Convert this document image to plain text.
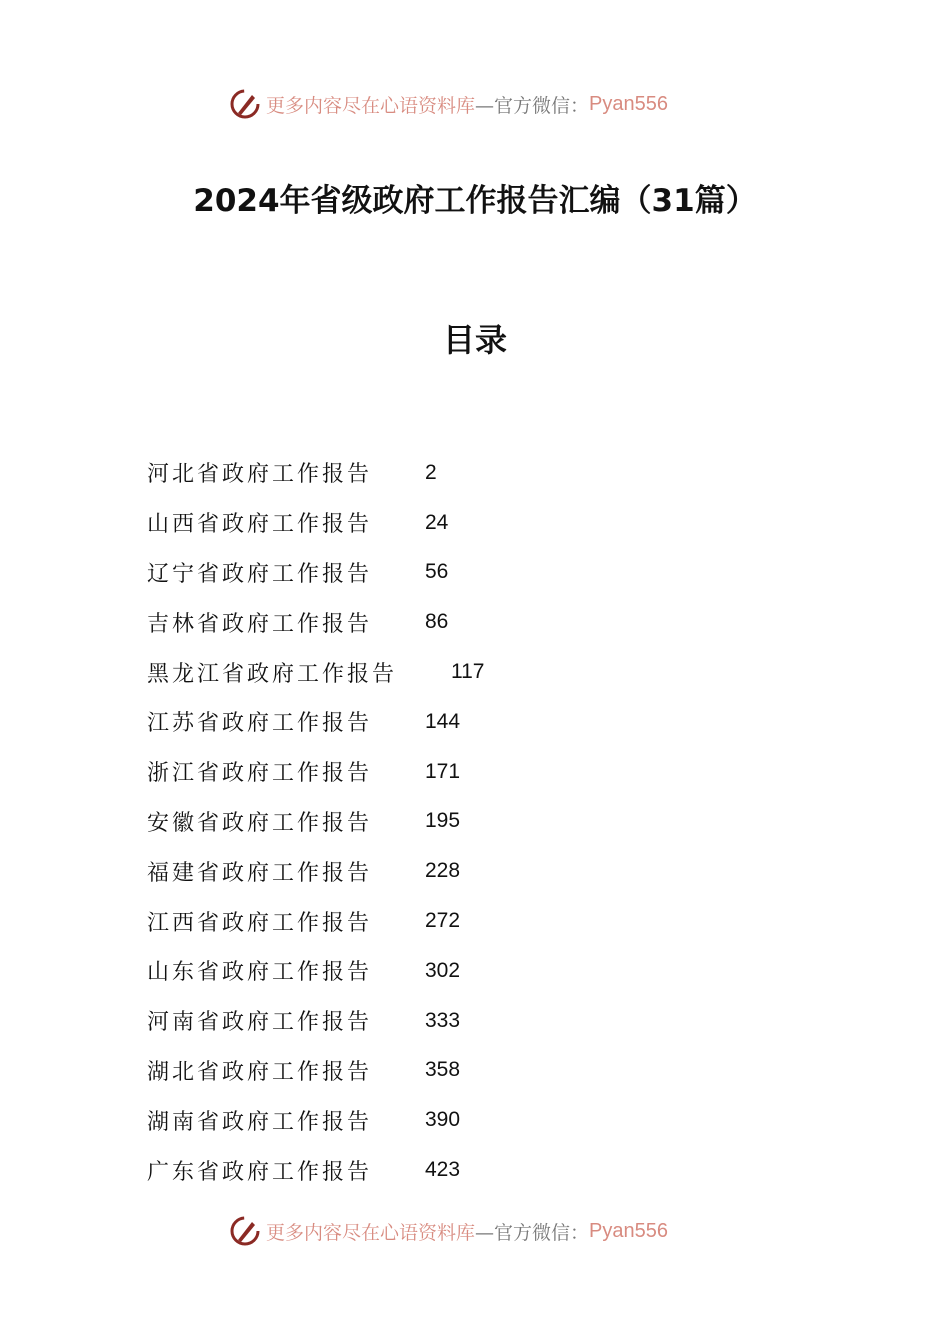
更多内容尽在心语资料库 —官方微信： Pyan556
2024年省级政府工作报告汇编（31篇）
目录
河北省政府工作报告	2
山西省政府工作报告	24
辽宁省政府工作报告	56
吉林省政府工作报告	86
黑龙江省政府工作报告	117
江苏省政府工作报告	144
浙江省政府工作报告	171
安徽省政府工作报告	195
福建省政府工作报告	228
江西省政府工作报告	272
山东省政府工作报告	302
河南省政府工作报告	333
湖北省政府工作报告	358
湖南省政府工作报告	390
广东省政府工作报告	423
更多内容尽在心语资料库 —官方微信： Pyan556
